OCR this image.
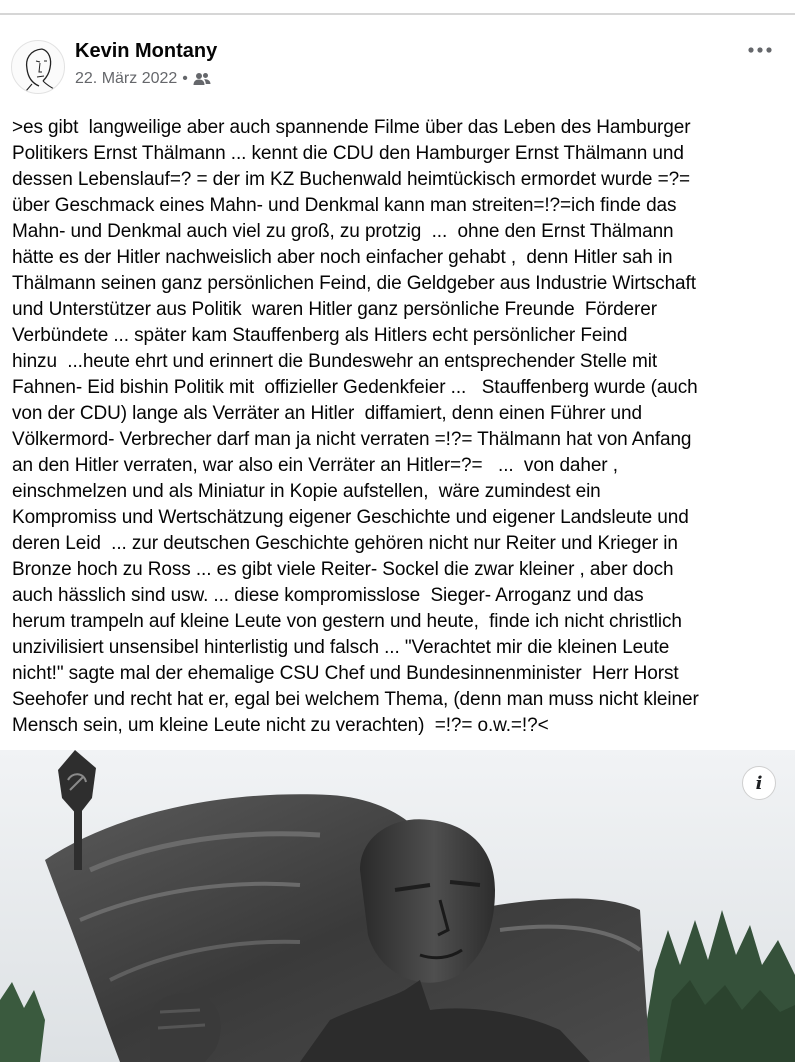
Kevin Montany
22. März 2022 •
>es gibt  langweilige aber auch spannende Filme über das Leben des Hamburger
Politikers Ernst Thälmann ... kennt die CDU den Hamburger Ernst Thälmann und
dessen Lebenslauf=? = der im KZ Buchenwald heimtückisch ermordet wurde =?=
über Geschmack eines Mahn- und Denkmal kann man streiten=!?=ich finde das
Mahn- und Denkmal auch viel zu groß, zu protzig  ...  ohne den Ernst Thälmann
hätte es der Hitler nachweislich aber noch einfacher gehabt ,  denn Hitler sah in
Thälmann seinen ganz persönlichen Feind, die Geldgeber aus Industrie Wirtschaft
und Unterstützer aus Politik  waren Hitler ganz persönliche Freunde  Förderer
Verbündete ... später kam Stauffenberg als Hitlers echt persönlicher Feind
hinzu  ...heute ehrt und erinnert die Bundeswehr an entsprechender Stelle mit
Fahnen- Eid bishin Politik mit  offizieller Gedenkfeier ...   Stauffenberg wurde (auch
von der CDU) lange als Verräter an Hitler  diffamiert, denn einen Führer und
Völkermord- Verbrecher darf man ja nicht verraten =!?= Thälmann hat von Anfang
an den Hitler verraten, war also ein Verräter an Hitler=?=   ...  von daher ,
einschmelzen und als Miniatur in Kopie aufstellen,  wäre zumindest ein
Kompromiss und Wertschätzung eigener Geschichte und eigener Landsleute und
deren Leid  ... zur deutschen Geschichte gehören nicht nur Reiter und Krieger in
Bronze hoch zu Ross ... es gibt viele Reiter- Sockel die zwar kleiner , aber doch
auch hässlich sind usw. ... diese kompromisslose  Sieger- Arroganz und das
herum trampeln auf kleine Leute von gestern und heute,  finde ich nicht christlich
unzivilisiert unsensibel hinterlistig und falsch ... "Verachtet mir die kleinen Leute
nicht!" sagte mal der ehemalige CSU Chef und Bundesinnenminister  Herr Horst
Seehofer und recht hat er, egal bei welchem Thema, (denn man muss nicht kleiner
Mensch sein, um kleine Leute nicht zu verachten)  =!?= o.w.=!?<
i
